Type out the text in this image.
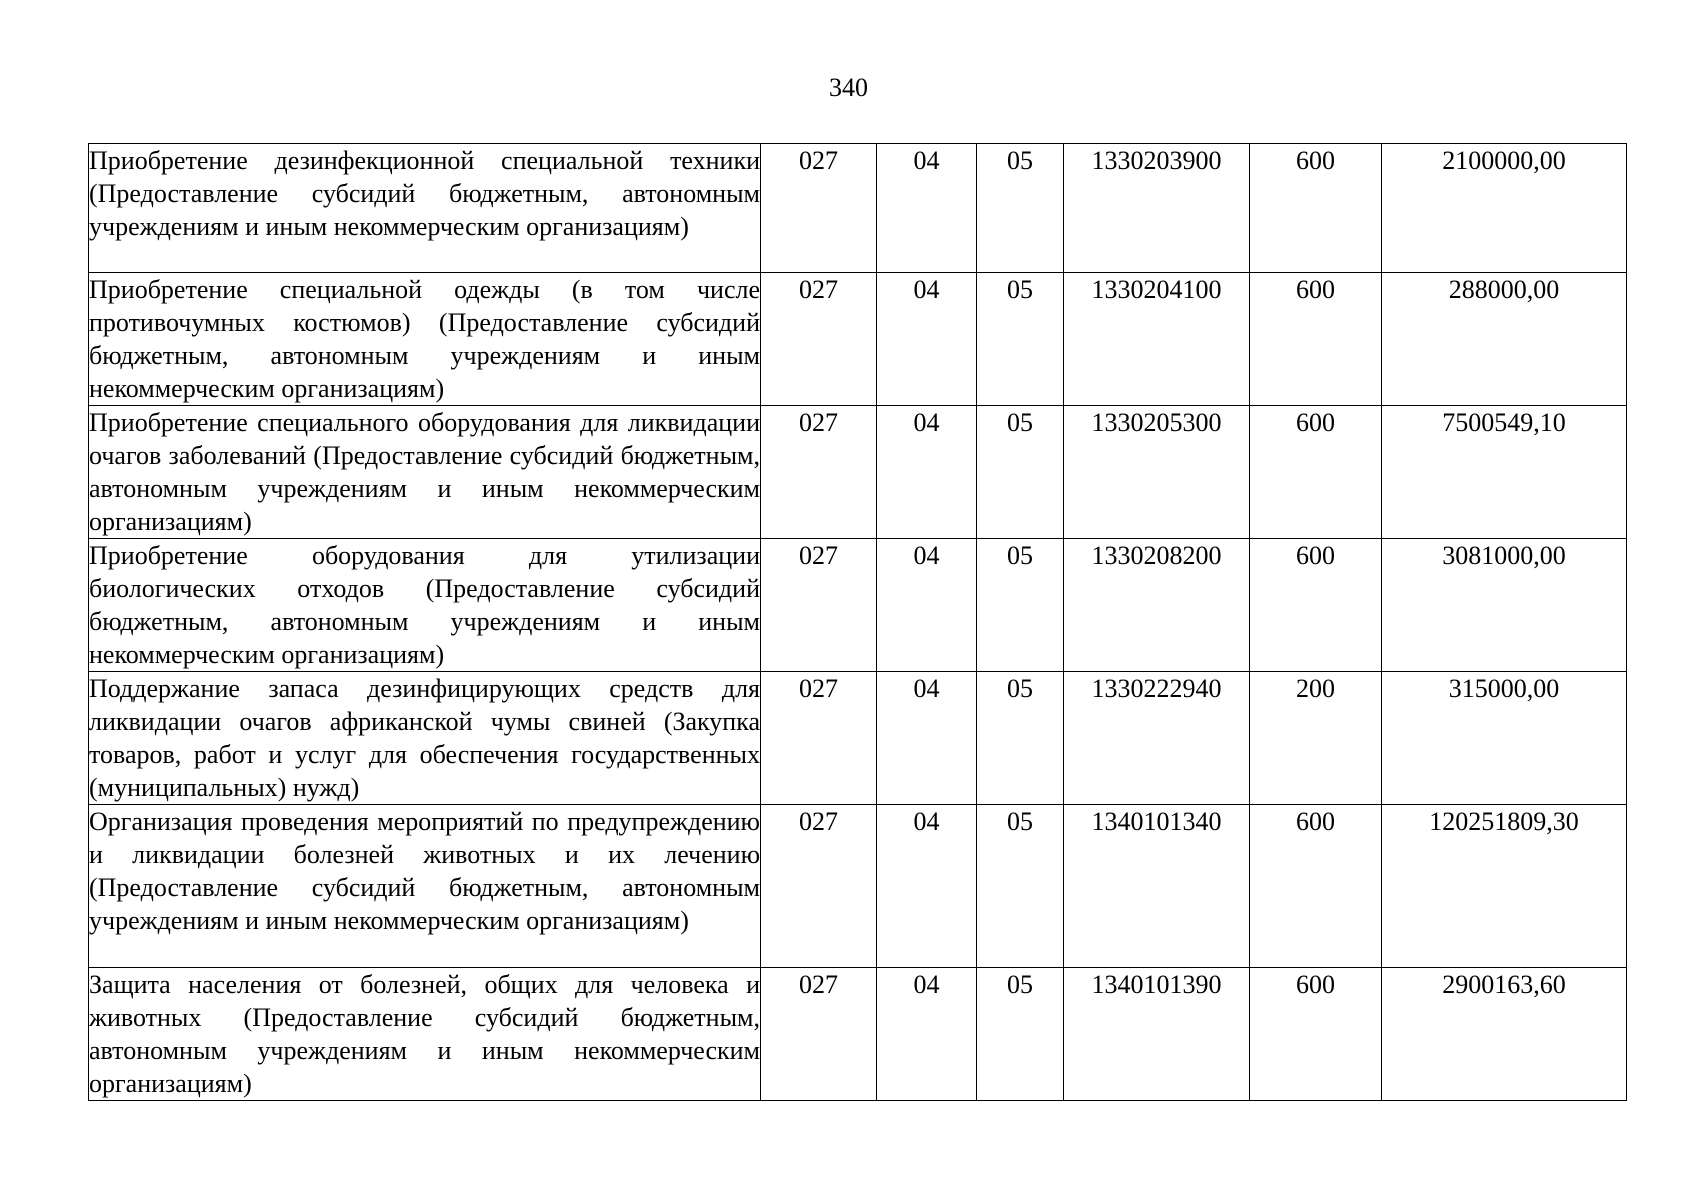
340
Приобретение дезинфекционной специальной техники (Предоставление субсидий бюджетным, автономным учреждениям и иным некоммерческим организациям)	027	04	05	1330203900	600	2100000,00
Приобретение специальной одежды (в том числе противочумных костюмов) (Предоставление субсидий бюджетным, автономным учреждениям и иным некоммерческим организациям)	027	04	05	1330204100	600	288000,00
Приобретение специального оборудования для ликвидации очагов заболеваний (Предоставление субсидий бюджетным, автономным учреждениям и иным некоммерческим организациям)	027	04	05	1330205300	600	7500549,10
Приобретение оборудования для утилизации биологических отходов (Предоставление субсидий бюджетным, автономным учреждениям и иным некоммерческим организациям)	027	04	05	1330208200	600	3081000,00
Поддержание запаса дезинфицирующих средств для ликвидации очагов африканской чумы свиней (Закупка товаров, работ и услуг для обеспечения государственных (муниципальных) нужд)	027	04	05	1330222940	200	315000,00
Организация проведения мероприятий по предупреждению и ликвидации болезней животных и их лечению (Предоставление субсидий бюджетным, автономным учреждениям и иным некоммерческим организациям)	027	04	05	1340101340	600	120251809,30
Защита населения от болезней, общих для человека и животных (Предоставление субсидий бюджетным, автономным учреждениям и иным некоммерческим организациям)	027	04	05	1340101390	600	2900163,60
